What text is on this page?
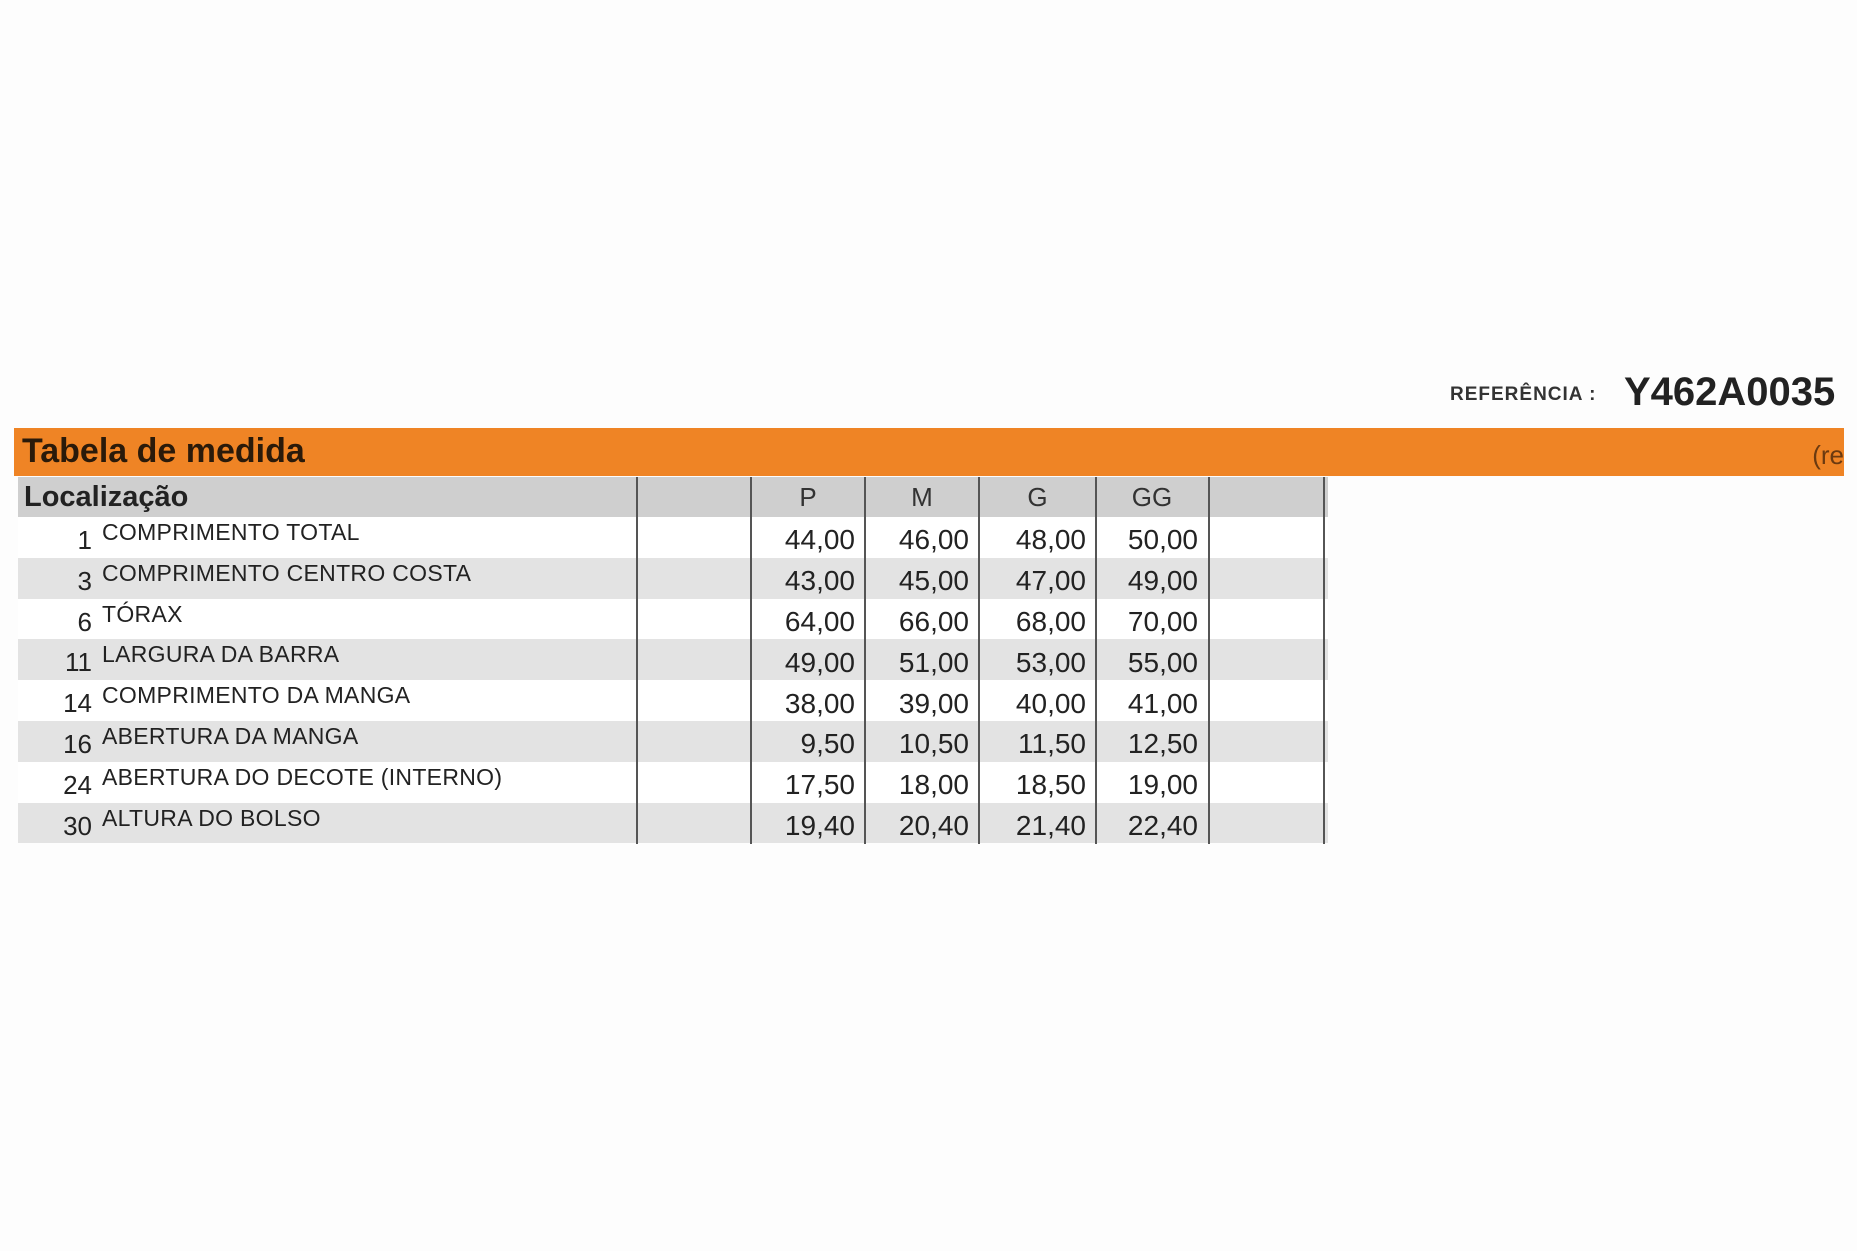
REFERÊNCIA : Y462A0035
Tabela de medida	(re
Localização	P	M	G	GG
1 COMPRIMENTO TOTAL	44,00	46,00	48,00	50,00
3 COMPRIMENTO CENTRO COSTA	43,00	45,00	47,00	49,00
6 TÓRAX	64,00	66,00	68,00	70,00
11 LARGURA DA BARRA	49,00	51,00	53,00	55,00
14 COMPRIMENTO DA MANGA	38,00	39,00	40,00	41,00
16 ABERTURA DA MANGA	9,50	10,50	11,50	12,50
24 ABERTURA DO DECOTE (INTERNO)	17,50	18,00	18,50	19,00
30 ALTURA DO BOLSO	19,40	20,40	21,40	22,40
